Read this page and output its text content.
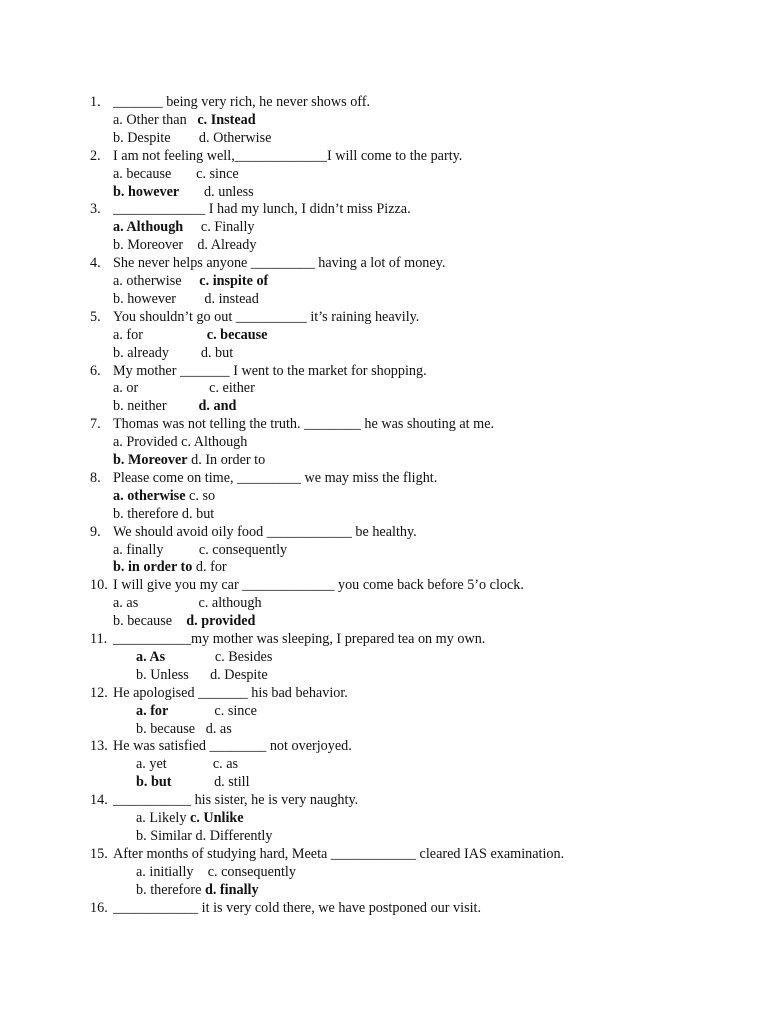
1. _______ being very rich, he never shows off.
a. Other than   c. Instead
b. Despite        d. Otherwise
2. I am not feeling well,_____________I will come to the party.
a. because       c. since
b. however       d. unless
3. _____________ I had my lunch, I didn’t miss Pizza.
a. Although     c. Finally
b. Moreover    d. Already
4. She never helps anyone _________ having a lot of money.
a. otherwise     c. inspite of
b. however        d. instead
5. You shouldn’t go out __________ it’s raining heavily.
a. for                  c. because
b. already         d. but
6. My mother _______ I went to the market for shopping.
a. or                    c. either
b. neither         d. and
7. Thomas was not telling the truth. ________ he was shouting at me.
a. Provided c. Although
b. Moreover d. In order to
8. Please come on time, _________ we may miss the flight.
a. otherwise c. so
b. therefore d. but
9. We should avoid oily food ____________ be healthy.
a. finally          c. consequently
b. in order to d. for
10. I will give you my car _____________ you come back before 5’o clock.
a. as                 c. although
b. because    d. provided
11. ___________my mother was sleeping, I prepared tea on my own.
a. As              c. Besides
b. Unless      d. Despite
12. He apologised _______ his bad behavior.
a. for             c. since
b. because   d. as
13. He was satisfied ________ not overjoyed.
a. yet             c. as
b. but            d. still
14. ___________ his sister, he is very naughty.
a. Likely c. Unlike
b. Similar d. Differently
15. After months of studying hard, Meeta ____________ cleared IAS examination.
a. initially    c. consequently
b. therefore d. finally
16. ____________ it is very cold there, we have postponed our visit.
